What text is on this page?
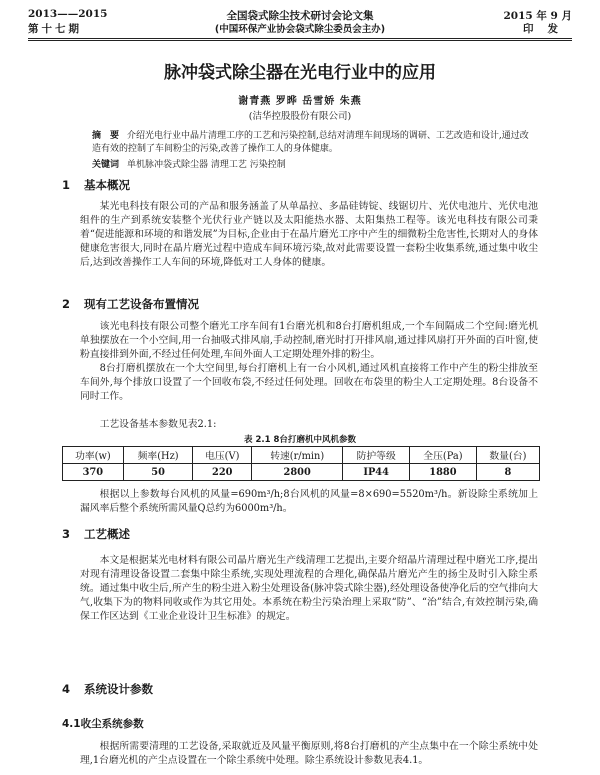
2013——2015
第十七期
全国袋式除尘技术研讨会论文集
(中国环保产业协会袋式除尘委员会主办)
2015 年 9 月
印发
脉冲袋式除尘器在光电行业中的应用
谢青燕 罗晔 岳雪娇 朱燕
(洁华控股股份有限公司)
摘　要 介绍光电行业中晶片清理工序的工艺和污染控制,总结对清理车间现场的调研、工艺改造和设计,通过改造有效的控制了车间粉尘的污染,改善了操作工人的身体健康。
关键词 单机脉冲袋式除尘器 清理工艺 污染控制
1 基本概况
某光电科技有限公司的产品和服务涵盖了从单晶拉、多晶硅铸锭、线锯切片、光伏电池片、光伏电池组件的生产到系统安装整个光伏行业产链以及太阳能热水器、太阳集热工程等。该光电科技有限公司秉着“促进能源和环境的和谐发展”为目标,企业由于在晶片磨光工序中产生的细微粉尘危害性,长期对人的身体健康危害很大,同时在晶片磨光过程中造成车间环境污染,故对此需要设置一套粉尘收集系统,通过集中收尘后,达到改善操作工人车间的环境,降低对工人身体的健康。
2 现有工艺设备布置情况
该光电科技有限公司整个磨光工序车间有1台磨光机和8台打磨机组成,一个车间隔成二个空间:磨光机单独摆放在一个小空间,用一台抽吸式排风扇,手动控制,磨光时打开排风扇,通过排风扇打开外面的百叶窗,使粉直接排到外面,不经过任何处理,车间外面人工定期处理外排的粉尘。
8台打磨机摆放在一个大空间里,每台打磨机上有一台小风机,通过风机直接将工作中产生的粉尘排放至车间外,每个排放口设置了一个回收布袋,不经过任何处理。回收在布袋里的粉尘人工定期处理。8台设备不同时工作。
工艺设备基本参数见表2.1:
表 2.1 8台打磨机中风机参数
功率(w)	频率(Hz)	电压(V)	转速(r/min)	防护等级	全压(Pa)	数量(台)
370	50	220	2800	IP44	1880	8
根据以上参数每台风机的风量=690m³/h;8台风机的风量=8×690=5520m³/h。新设除尘系统加上漏风率后整个系统所需风量Q总约为6000m³/h。
3 工艺概述
本文是根据某光电材料有限公司晶片磨光生产线清理工艺提出,主要介绍晶片清理过程中磨光工序,提出对现有清理设备设置二套集中除尘系统,实现处理流程的合理化,确保晶片磨光产生的扬尘及时引入除尘系统。通过集中收尘后,所产生的粉尘进入粉尘处理设备(脉冲袋式除尘器),经处理设备使净化后的空气排向大气,收集下为的物料同收或作为其它用处。本系统在粉尘污染治理上采取“防”、“治”结合,有效控制污染,确保工作区达到《工业企业设计卫生标准》的规定。
4 系统设计参数
4.1收尘系统参数
根据所需要清理的工艺设备,采取就近及风量平衡原则,将8台打磨机的产尘点集中在一个除尘系统中处理,1台磨光机的产尘点设置在一个除尘系统中处理。除尘系统设计参数见表4.1。
